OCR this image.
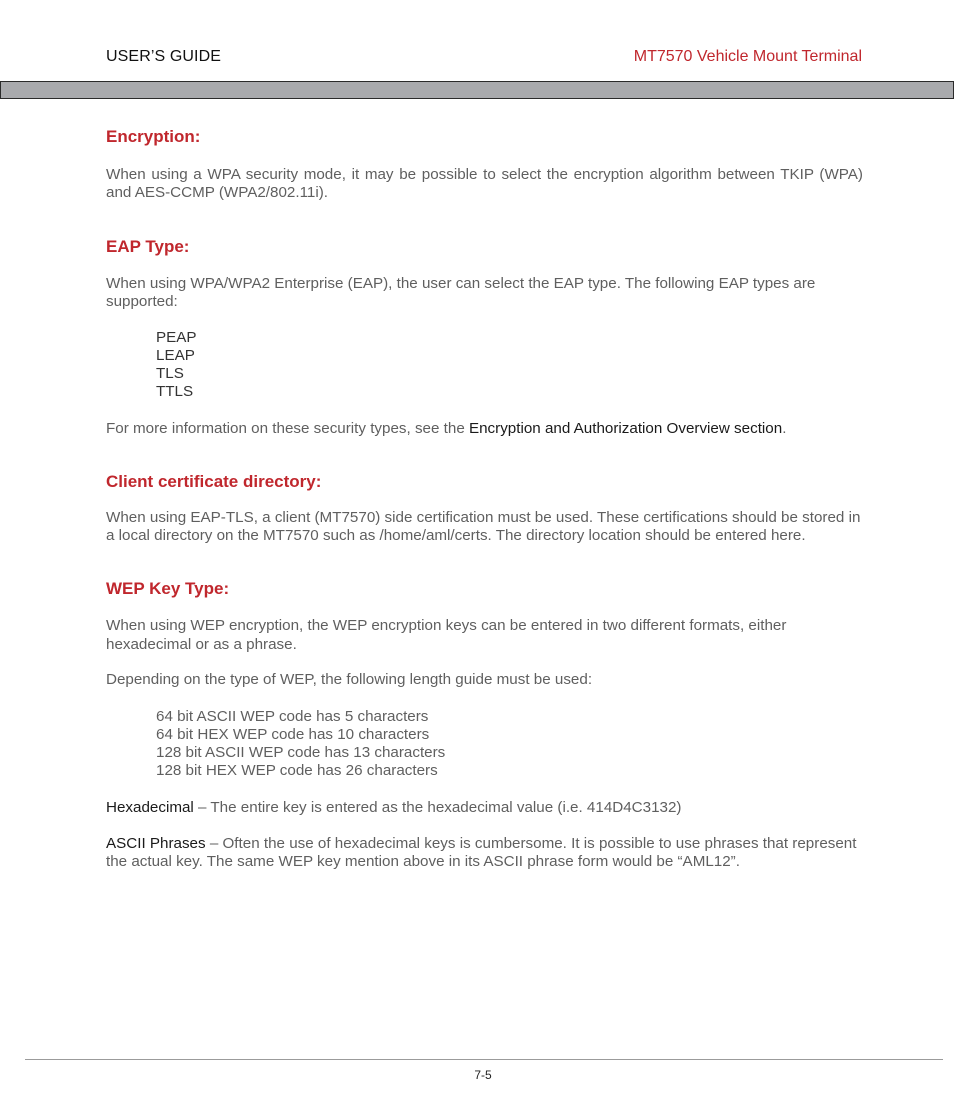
USER’S GUIDE	MT7570 Vehicle Mount Terminal
Encryption:

When using a WPA security mode, it may be possible to select the encryption algorithm between TKIP (WPA) and AES-CCMP (WPA2/802.11i).

EAP Type:

When using WPA/WPA2 Enterprise (EAP), the user can select the EAP type. The following EAP types are supported:

PEAP
LEAP
TLS
TTLS

For more information on these security types, see the Encryption and Authorization Overview section.

Client certificate directory:

When using EAP-TLS, a client (MT7570) side certification must be used. These certifications should be stored in a local directory on the MT7570 such as /home/aml/certs. The directory location should be entered here.

WEP Key Type:

When using WEP encryption, the WEP encryption keys can be entered in two different formats, either hexadecimal or as a phrase.

Depending on the type of WEP, the following length guide must be used:

64 bit ASCII WEP code has 5 characters
64 bit HEX WEP code has 10 characters
128 bit ASCII WEP code has 13 characters
128 bit HEX WEP code has 26 characters

Hexadecimal – The entire key is entered as the hexadecimal value (i.e. 414D4C3132)

ASCII Phrases – Often the use of hexadecimal keys is cumbersome. It is possible to use phrases that represent the actual key. The same WEP key mention above in its ASCII phrase form would be “AML12”.

7-5
